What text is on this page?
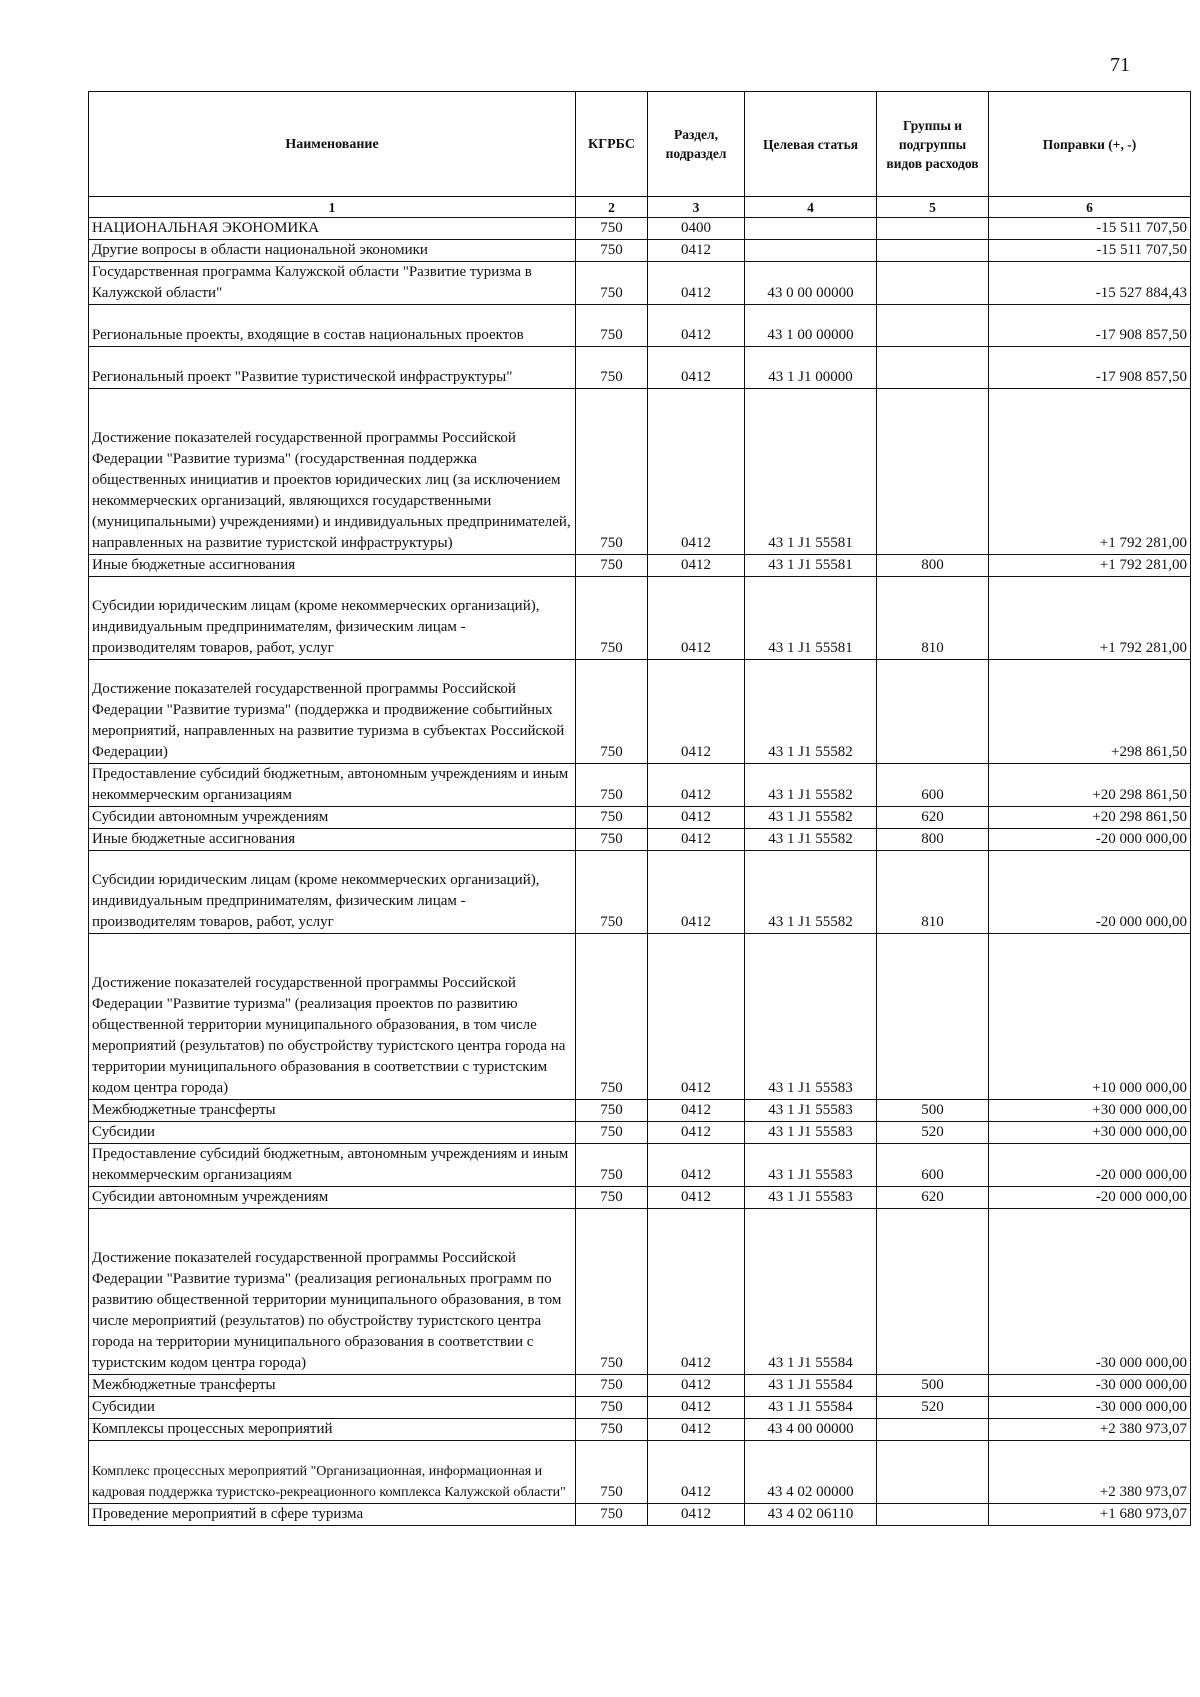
71
Наименование	КГРБС	Раздел, подраздел	Целевая статья	Группы и подгруппы видов расходов	Поправки (+, -)
1	2	3	4	5	6
НАЦИОНАЛЬНАЯ ЭКОНОМИКА	750	0400			-15 511 707,50
Другие вопросы в области национальной экономики	750	0412			-15 511 707,50
Государственная программа Калужской области "Развитие туризма в Калужской области"	750	0412	43 0 00 00000		-15 527 884,43
Региональные проекты, входящие в состав национальных проектов	750	0412	43 1 00 00000		-17 908 857,50
Региональный проект "Развитие туристической инфраструктуры"	750	0412	43 1 J1 00000		-17 908 857,50
Достижение показателей государственной программы Российской Федерации "Развитие туризма" (государственная поддержка общественных инициатив и проектов юридических лиц (за исключением некоммерческих организаций, являющихся государственными (муниципальными) учреждениями) и индивидуальных предпринимателей, направленных на развитие туристской инфраструктуры)	750	0412	43 1 J1 55581		+1 792 281,00
Иные бюджетные ассигнования	750	0412	43 1 J1 55581	800	+1 792 281,00
Субсидии юридическим лицам (кроме некоммерческих организаций), индивидуальным предпринимателям, физическим лицам - производителям товаров, работ, услуг	750	0412	43 1 J1 55581	810	+1 792 281,00
Достижение показателей государственной программы Российской Федерации "Развитие туризма" (поддержка и продвижение событийных мероприятий, направленных на развитие туризма в субъектах Российской Федерации)	750	0412	43 1 J1 55582		+298 861,50
Предоставление субсидий бюджетным, автономным учреждениям и иным некоммерческим организациям	750	0412	43 1 J1 55582	600	+20 298 861,50
Субсидии автономным учреждениям	750	0412	43 1 J1 55582	620	+20 298 861,50
Иные бюджетные ассигнования	750	0412	43 1 J1 55582	800	-20 000 000,00
Субсидии юридическим лицам (кроме некоммерческих организаций), индивидуальным предпринимателям, физическим лицам - производителям товаров, работ, услуг	750	0412	43 1 J1 55582	810	-20 000 000,00
Достижение показателей государственной программы Российской Федерации "Развитие туризма" (реализация проектов по развитию общественной территории муниципального образования, в том числе мероприятий (результатов) по обустройству туристского центра города на территории муниципального образования в соответствии с туристским кодом центра города)	750	0412	43 1 J1 55583		+10 000 000,00
Межбюджетные трансферты	750	0412	43 1 J1 55583	500	+30 000 000,00
Субсидии	750	0412	43 1 J1 55583	520	+30 000 000,00
Предоставление субсидий бюджетным, автономным учреждениям и иным некоммерческим организациям	750	0412	43 1 J1 55583	600	-20 000 000,00
Субсидии автономным учреждениям	750	0412	43 1 J1 55583	620	-20 000 000,00
Достижение показателей государственной программы Российской Федерации "Развитие туризма" (реализация региональных программ по развитию общественной территории муниципального образования, в том числе мероприятий (результатов) по обустройству туристского центра города на территории муниципального образования в соответствии с туристским кодом центра города)	750	0412	43 1 J1 55584		-30 000 000,00
Межбюджетные трансферты	750	0412	43 1 J1 55584	500	-30 000 000,00
Субсидии	750	0412	43 1 J1 55584	520	-30 000 000,00
Комплексы процессных мероприятий	750	0412	43 4 00 00000		+2 380 973,07
Комплекс процессных мероприятий "Организационная, информационная и кадровая поддержка туристско-рекреационного комплекса Калужской области"	750	0412	43 4 02 00000		+2 380 973,07
Проведение мероприятий в сфере туризма	750	0412	43 4 02 06110		+1 680 973,07
